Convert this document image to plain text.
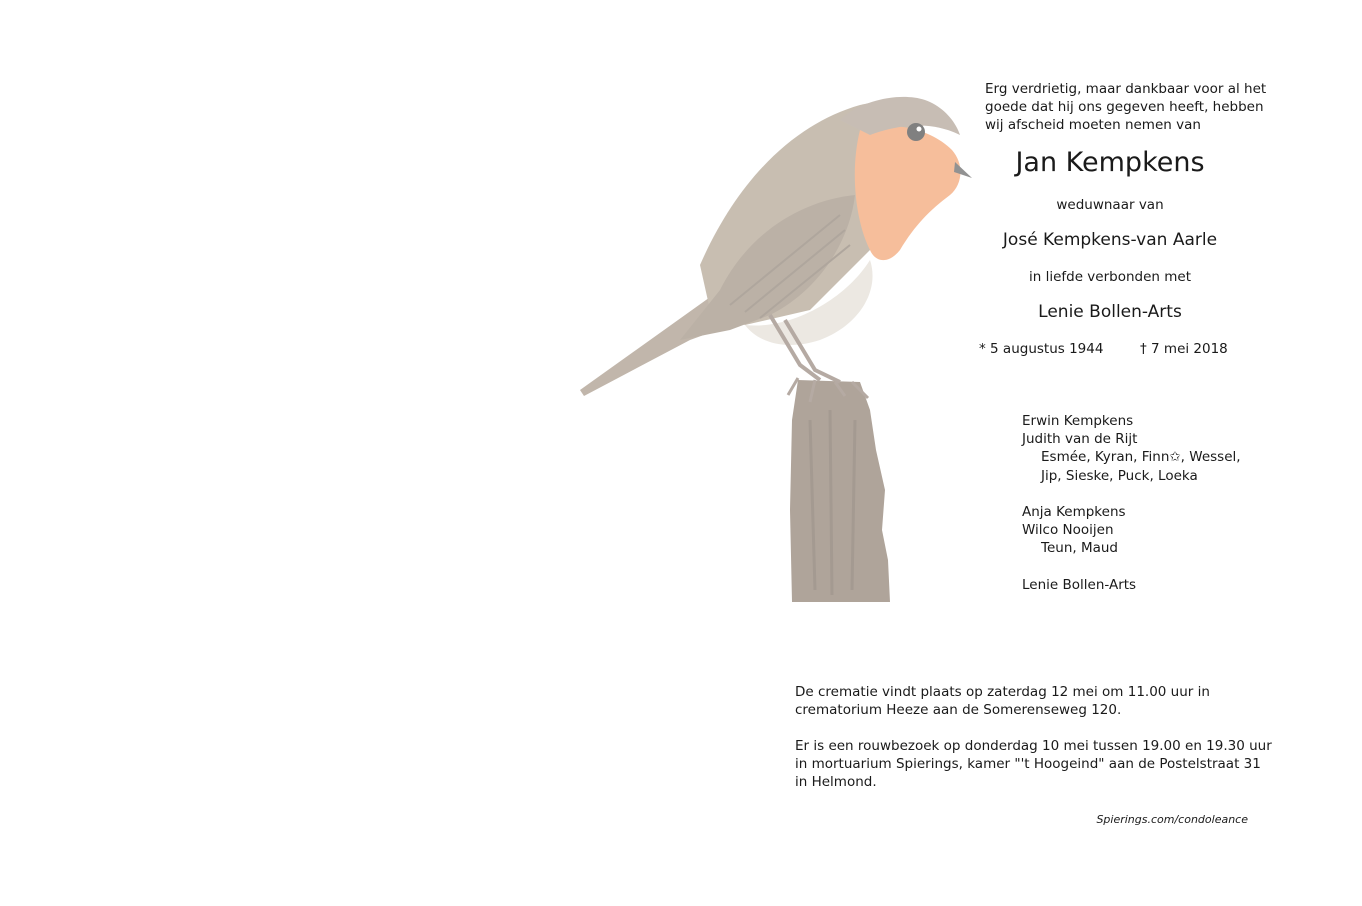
Erg verdrietig, maar dankbaar voor al het
goede dat hij ons gegeven heeft, hebben
wij afscheid moeten nemen van
Jan Kempkens
weduwnaar van
José Kempkens-van Aarle
in liefde verbonden met
Lenie Bollen-Arts
* 5 augustus 1944	† 7 mei 2018
Erwin Kempkens
Judith van de Rijt
Esmée, Kyran, Finn✩, Wessel,
Jip, Sieske, Puck, Loeka
Anja Kempkens
Wilco Nooijen
Teun, Maud
Lenie Bollen-Arts
De crematie vindt plaats op zaterdag 12 mei om 11.00 uur in
crematorium Heeze aan de Somerenseweg 120.
Er is een rouwbezoek op donderdag 10 mei tussen 19.00 en 19.30 uur
in mortuarium Spierings, kamer "'t Hoogeind" aan de Postelstraat 31
in Helmond.
Spierings.com/condoleance
